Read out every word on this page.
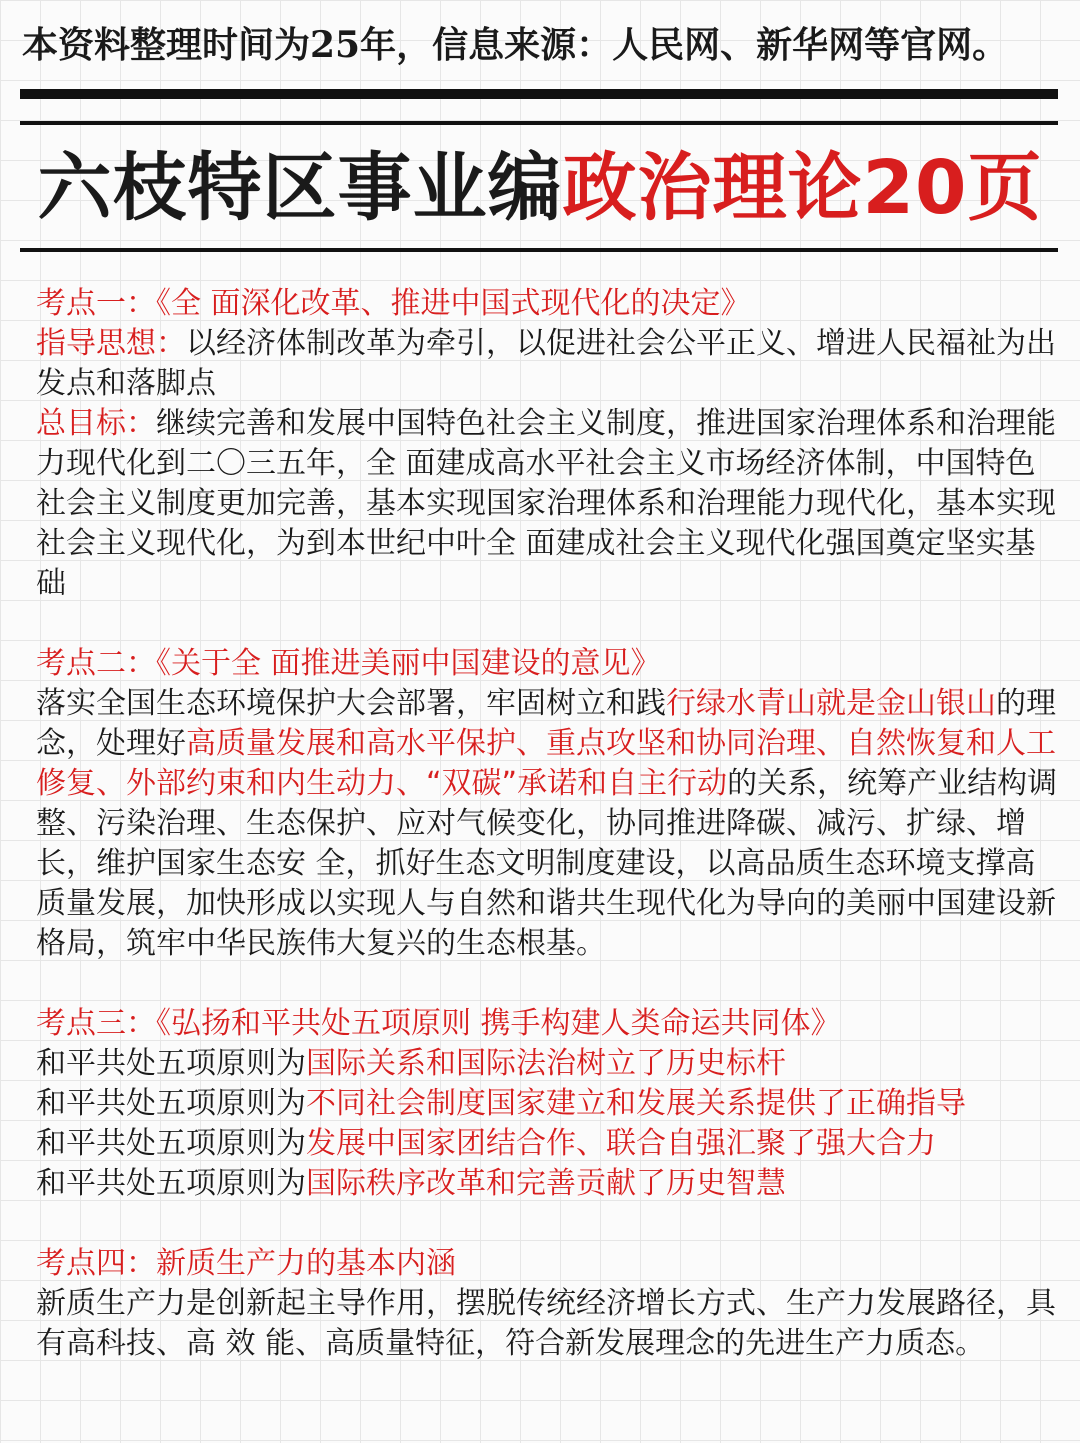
本资料整理时间为25年，信息来源：人民网、新华网等官网。
六枝特区事业编政治理论20页

考点一：《全 面深化改革、推进中国式现代化的决定》

指导思想：以经济体制改革为牵引，以促进社会公平正义、增进人民福祉为出发点和落脚点

总目标：继续完善和发展中国特色社会主义制度，推进国家治理体系和治理能力现代化到二〇三五年，全 面建成高水平社会主义市场经济体制，中国特色社会主义制度更加完善，基本实现国家治理体系和治理能力现代化，基本实现社会主义现代化，为到本世纪中叶全 面建成社会主义现代化强国奠定坚实基础

考点二：《关于全 面推进美丽中国建设的意见》

落实全国生态环境保护大会部署，牢固树立和践行绿水青山就是金山银山的理念，处理好高质量发展和高水平保护、重点攻坚和协同治理、自然恢复和人工修复、外部约束和内生动力、“双碳”承诺和自主行动的关系，统筹产业结构调整、污染治理、生态保护、应对气候变化，协同推进降碳、减污、扩绿、增长，维护国家生态安 全，抓好生态文明制度建设，以高品质生态环境支撑高质量发展，加快形成以实现人与自然和谐共生现代化为导向的美丽中国建设新格局，筑牢中华民族伟大复兴的生态根基。

考点三：《弘扬和平共处五项原则 携手构建人类命运共同体》

和平共处五项原则为国际关系和国际法治树立了历史标杆

和平共处五项原则为不同社会制度国家建立和发展关系提供了正确指导

和平共处五项原则为发展中国家团结合作、联合自强汇聚了强大合力

和平共处五项原则为国际秩序改革和完善贡献了历史智慧

考点四：新质生产力的基本内涵

新质生产力是创新起主导作用，摆脱传统经济增长方式、生产力发展路径，具有高科技、高 效 能、高质量特征，符合新发展理念的先进生产力质态。
